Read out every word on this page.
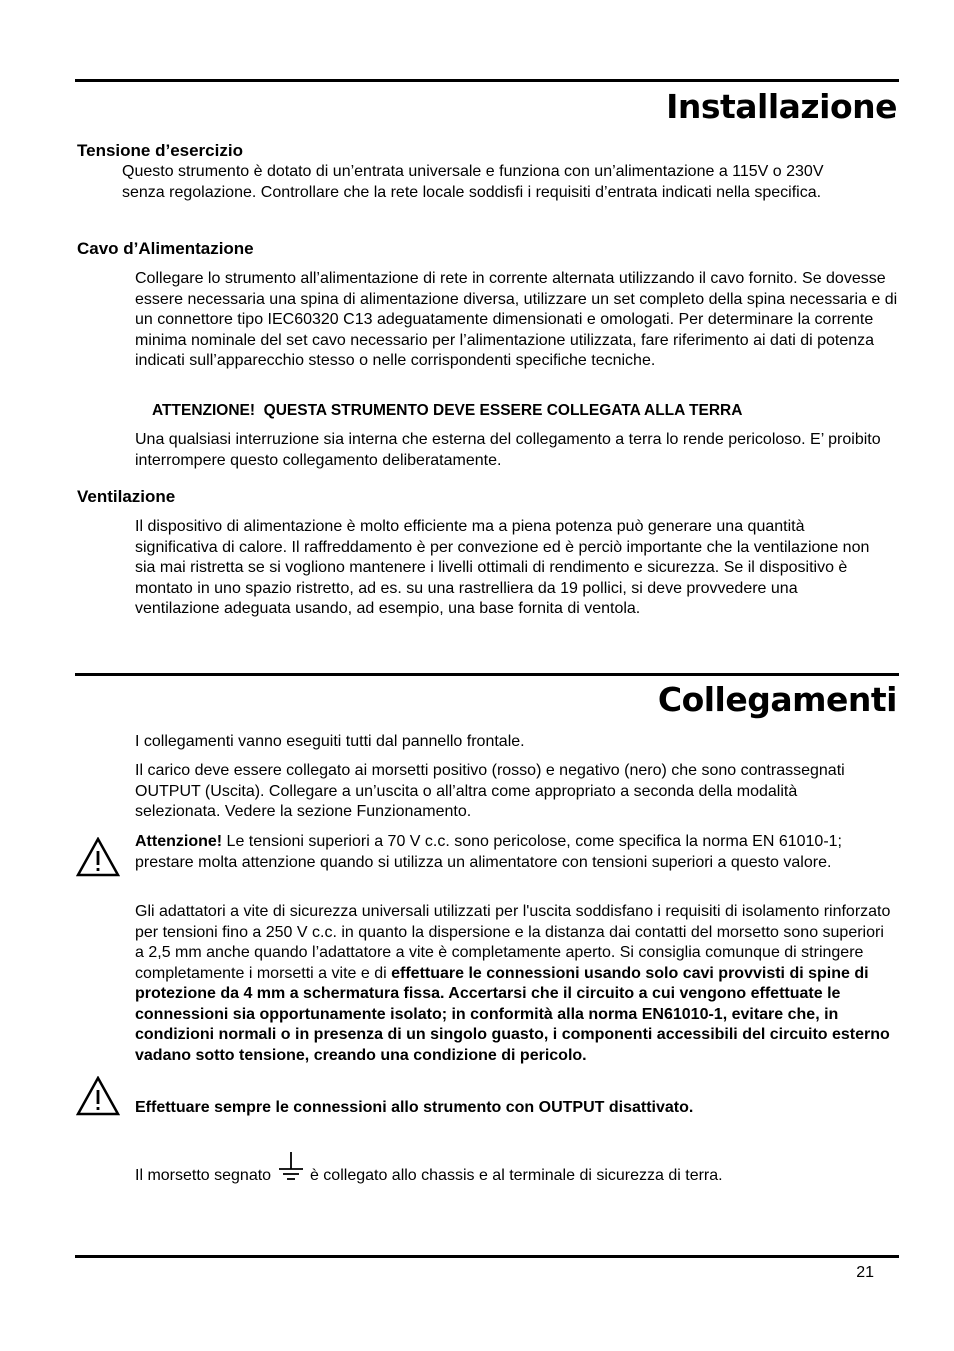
Installazione
Tensione d’esercizio

Questo strumento è dotato di un’entrata universale e funziona con un’alimentazione a 115V o 230V senza regolazione. Controllare che la rete locale soddisfi i requisiti d’entrata indicati nella specifica.

Cavo d’Alimentazione

Collegare lo strumento all’alimentazione di rete in corrente alternata utilizzando il cavo fornito. Se dovesse essere necessaria una spina di alimentazione diversa, utilizzare un set completo della spina necessaria e di un connettore tipo IEC60320 C13 adeguatamente dimensionati e omologati. Per determinare la corrente minima nominale del set cavo necessario per l’alimentazione utilizzata, fare riferimento ai dati di potenza indicati sull’apparecchio stesso o nelle corrispondenti specifiche tecniche.

ATTENZIONE!  QUESTA STRUMENTO DEVE ESSERE COLLEGATA ALLA TERRA

Una qualsiasi interruzione sia interna che esterna del collegamento a terra lo rende pericoloso. E’ proibito interrompere questo collegamento deliberatamente.

Ventilazione

Il dispositivo di alimentazione è molto efficiente ma a piena potenza può generare una quantità significativa di calore. Il raffreddamento è per convezione ed è perciò importante che la ventilazione non sia mai ristretta se si vogliono mantenere i livelli ottimali di rendimento e sicurezza. Se il dispositivo è montato in uno spazio ristretto, ad es. su una rastrelliera da 19 pollici, si deve provvedere una ventilazione adeguata usando, ad esempio, una base fornita di ventola.

Collegamenti

I collegamenti vanno eseguiti tutti dal pannello frontale.

Il carico deve essere collegato ai morsetti positivo (rosso) e negativo (nero) che sono contrassegnati OUTPUT (Uscita). Collegare a un’uscita o all’altra come appropriato a seconda della modalità selezionata. Vedere la sezione Funzionamento.

Attenzione! Le tensioni superiori a 70 V c.c. sono pericolose, come specifica la norma EN 61010-1; prestare molta attenzione quando si utilizza un alimentatore con tensioni superiori a questo valore.

Gli adattatori a vite di sicurezza universali utilizzati per l'uscita soddisfano i requisiti di isolamento rinforzato per tensioni fino a 250 V c.c. in quanto la dispersione e la distanza dai contatti del morsetto sono superiori a 2,5 mm anche quando l’adattatore a vite è completamente aperto. Si consiglia comunque di stringere completamente i morsetti a vite e di effettuare le connessioni usando solo cavi provvisti di spine di protezione da 4 mm a schermatura fissa. Accertarsi che il circuito a cui vengono effettuate le connessioni sia opportunamente isolato; in conformità alla norma EN61010-1, evitare che, in condizioni normali o in presenza di un singolo guasto, i componenti accessibili del circuito esterno vadano sotto tensione, creando una condizione di pericolo.

Effettuare sempre le connessioni allo strumento con OUTPUT disattivato.

Il morsetto segnato  è collegato allo chassis e al terminale di sicurezza di terra.

21
